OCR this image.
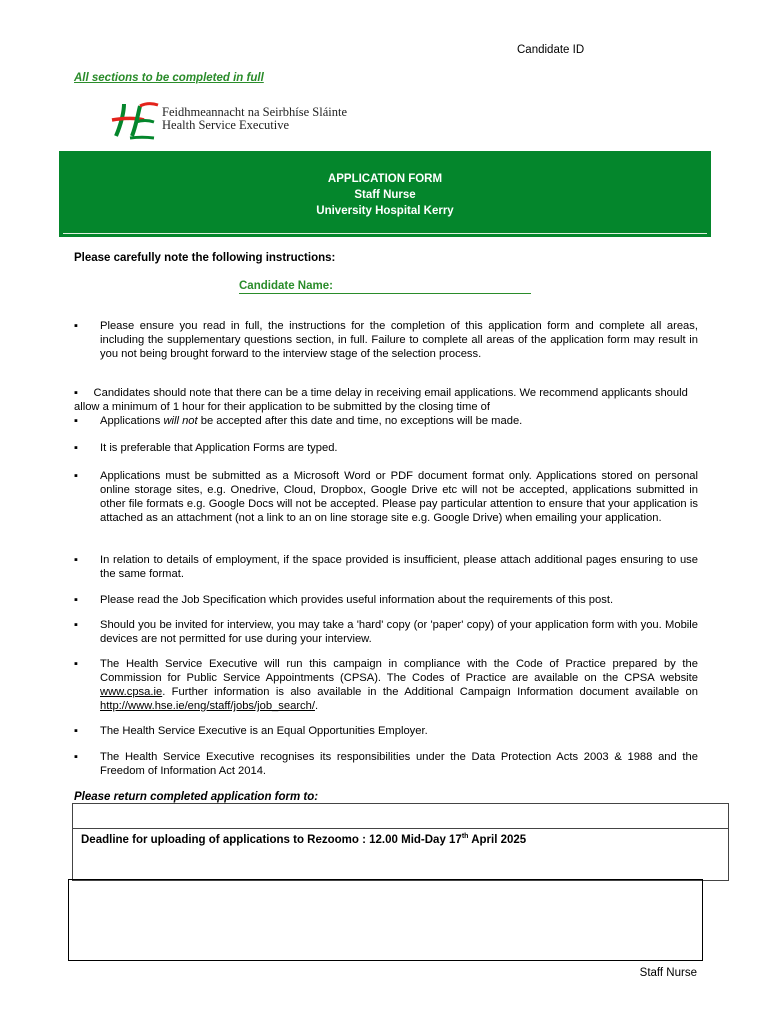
Candidate ID
All sections to be completed in full
Feidhmeannacht na Seirbhíse Sláinte
Health Service Executive
APPLICATION FORM
Staff Nurse
University Hospital Kerry
Please carefully note the following instructions:
Candidate Name:
▪ Please ensure you read in full, the instructions for the completion of this application form and complete all areas, including the supplementary questions section, in full. Failure to complete all areas of the application form may result in you not being brought forward to the interview stage of the selection process.
▪ Candidates should note that there can be a time delay in receiving email applications. We recommend applicants should allow a minimum of 1 hour for their application to be submitted by the closing time of
▪ Applications will not be accepted after this date and time, no exceptions will be made.
▪ It is preferable that Application Forms are typed.
▪ Applications must be submitted as a Microsoft Word or PDF document format only. Applications stored on personal online storage sites, e.g. Onedrive, Cloud, Dropbox, Google Drive etc will not be accepted, applications submitted in other file formats e.g. Google Docs will not be accepted. Please pay particular attention to ensure that your application is attached as an attachment (not a link to an on line storage site e.g. Google Drive) when emailing your application.
▪ In relation to details of employment, if the space provided is insufficient, please attach additional pages ensuring to use the same format.
▪ Please read the Job Specification which provides useful information about the requirements of this post.
▪ Should you be invited for interview, you may take a 'hard' copy (or 'paper' copy) of your application form with you. Mobile devices are not permitted for use during your interview.
▪ The Health Service Executive will run this campaign in compliance with the Code of Practice prepared by the Commission for Public Service Appointments (CPSA). The Codes of Practice are available on the CPSA website www.cpsa.ie. Further information is also available in the Additional Campaign Information document available on http://www.hse.ie/eng/staff/jobs/job_search/.
▪ The Health Service Executive is an Equal Opportunities Employer.
▪ The Health Service Executive recognises its responsibilities under the Data Protection Acts 2003 & 1988 and the Freedom of Information Act 2014.
Please return completed application form to:
Deadline for uploading of applications to Rezoomo : 12.00 Mid-Day 17th April 2025
Staff Nurse
